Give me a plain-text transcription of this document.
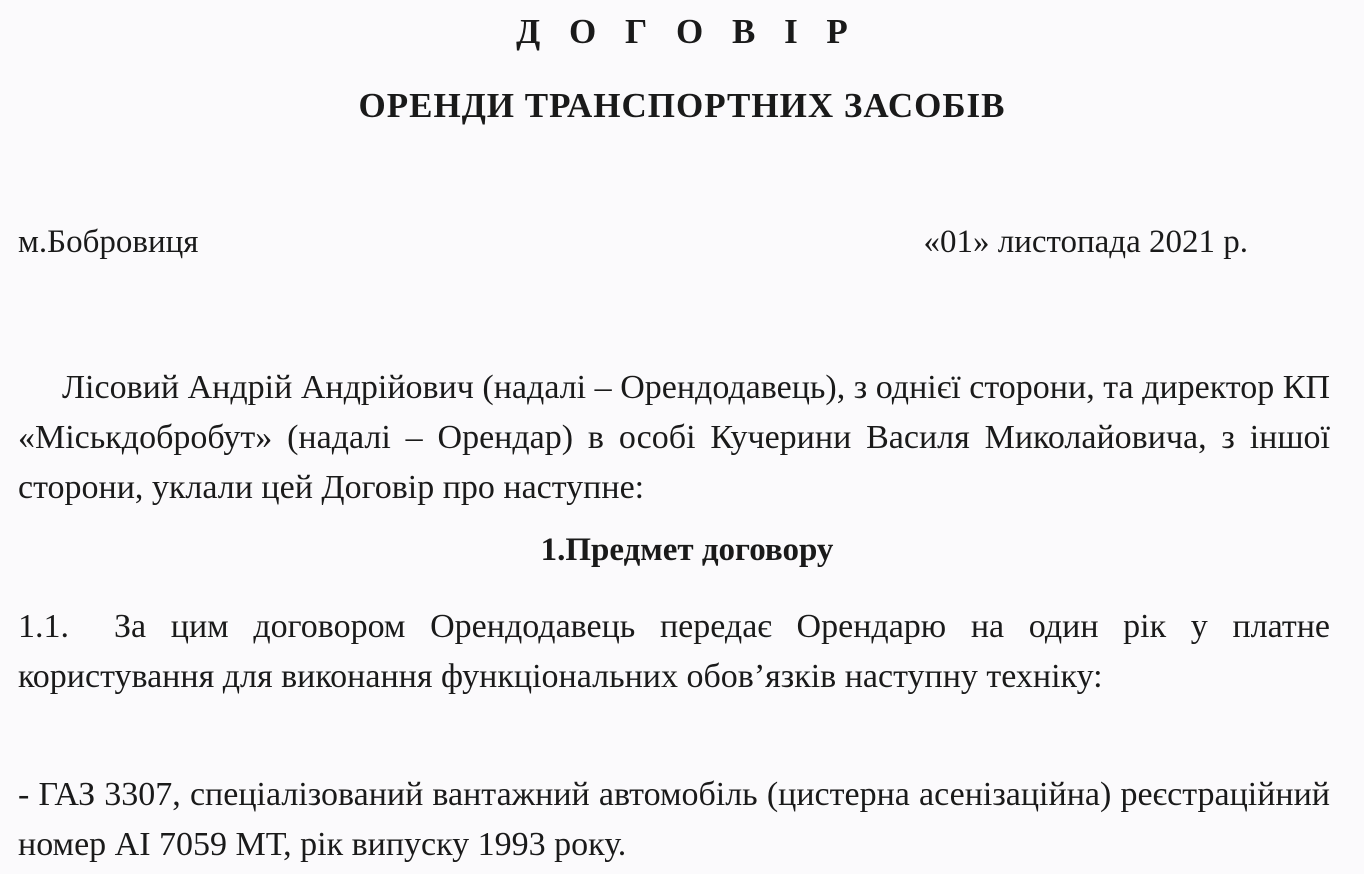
Д О Г О В І Р
ОРЕНДИ ТРАНСПОРТНИХ ЗАСОБІВ
м.Бобровиця	«01» листопада 2021 р.

Лісовий Андрій Андрійович (надалі – Орендодавець), з однієї сторони, та директор КП «Міськдобробут» (надалі – Орендар) в особі Кучерини Василя Миколайовича, з іншої сторони, уклали цей Договір про наступне:

1.Предмет договору

1.1. За цим договором Орендодавець передає Орендарю на один рік у платне користування для виконання функціональних обов’язків наступну техніку:

- ГАЗ 3307, спеціалізований вантажний автомобіль (цистерна асенізаційна) реєстраційний номер АІ 7059 МТ, рік випуску 1993 року.
